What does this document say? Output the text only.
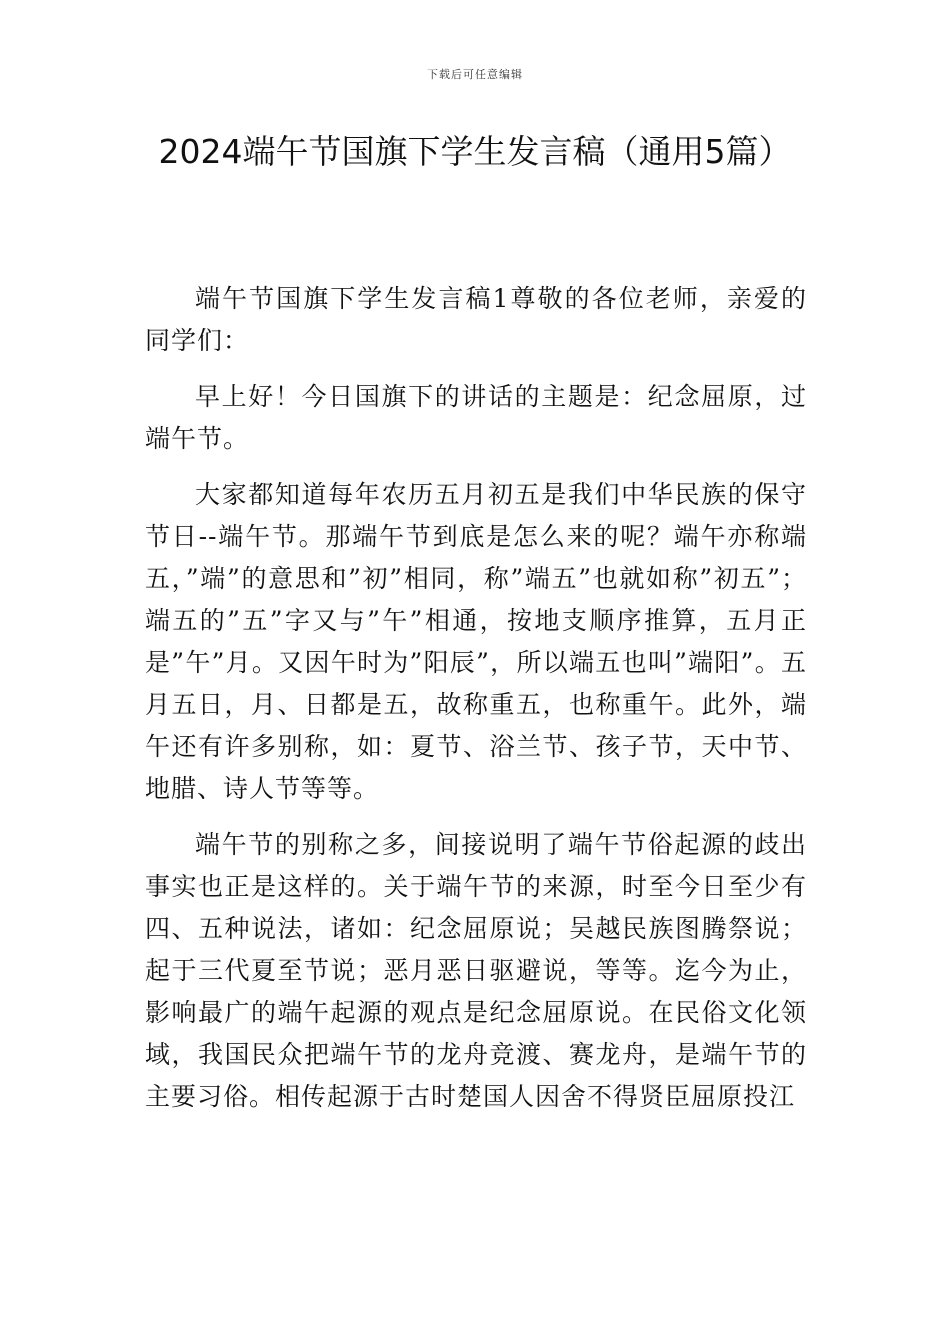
下载后可任意编辑
2024端午节国旗下学生发言稿（通用5篇）

端午节国旗下学生发言稿1尊敬的各位老师，亲爱的同学们：

早上好！今日国旗下的讲话的主题是：纪念屈原，过端午节。

大家都知道每年农历五月初五是我们中华民族的保守节日--端午节。那端午节到底是怎么来的呢？端午亦称端五，”端”的意思和”初”相同，称”端五”也就如称”初五”；端五的”五”字又与”午”相通，按地支顺序推算，五月正是”午”月。又因午时为”阳辰”，所以端五也叫”端阳”。五月五日，月、日都是五，故称重五，也称重午。此外，端午还有许多别称，如：夏节、浴兰节、孩子节，天中节、地腊、诗人节等等。

端午节的别称之多，间接说明了端午节俗起源的歧出事实也正是这样的。关于端午节的来源，时至今日至少有四、五种说法，诸如：纪念屈原说；吴越民族图腾祭说；起于三代夏至节说；恶月恶日驱避说，等等。迄今为止，影响最广的端午起源的观点是纪念屈原说。在民俗文化领域，我国民众把端午节的龙舟竞渡、赛龙舟，是端午节的主要习俗。相传起源于古时楚国人因舍不得贤臣屈原投江
